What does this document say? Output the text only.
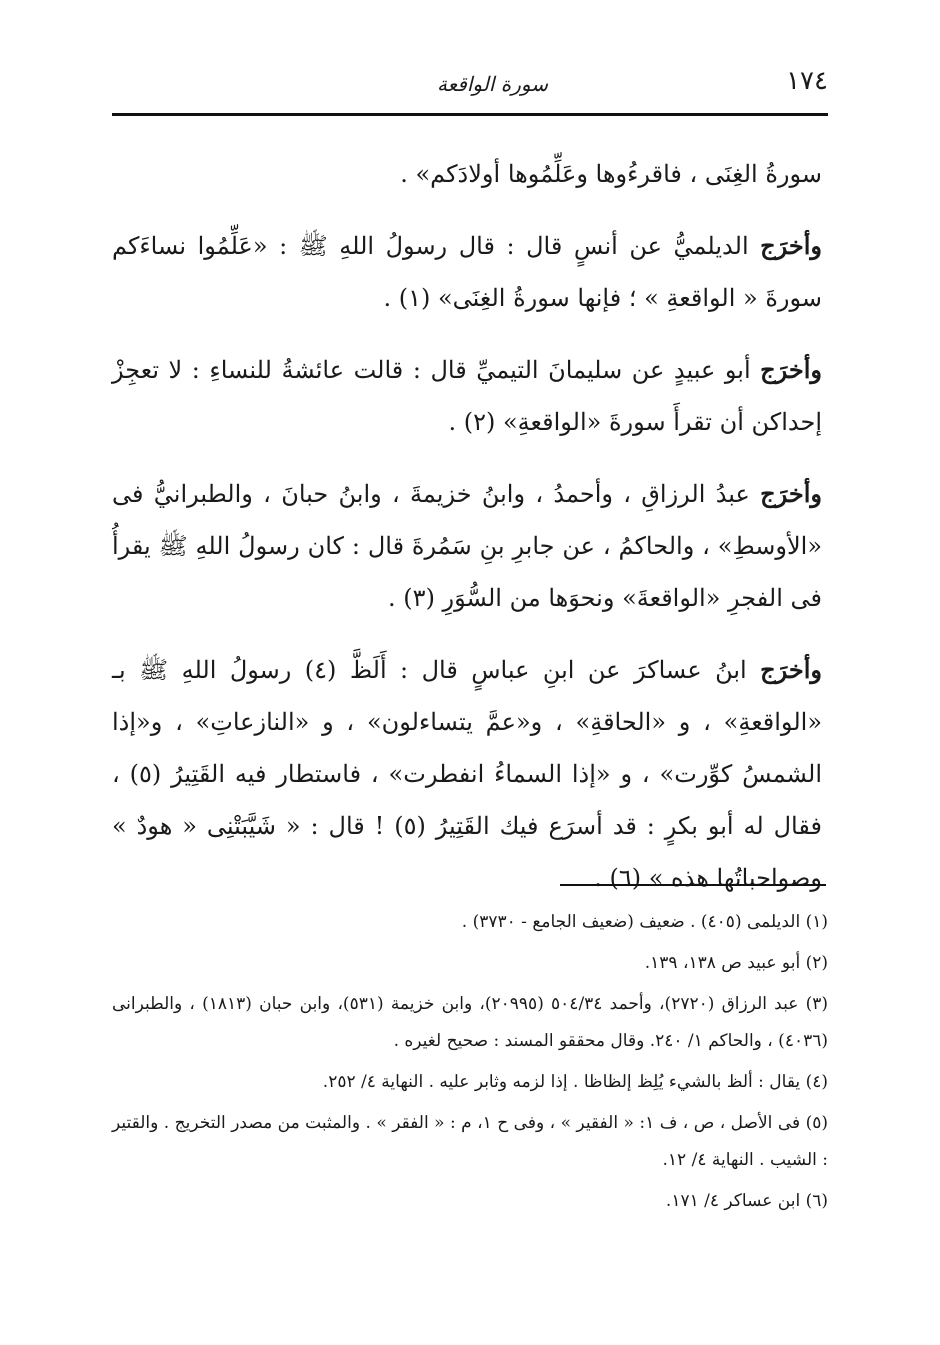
١٧٤
سورة الواقعة

سورةُ الغِنَى ، فاقرءُوها وعَلِّمُوها أولادَكم» .

وأخرَج الديلميُّ عن أنسٍ قال : قال رسولُ اللهِ ﷺ : «عَلِّمُوا نساءَكم سورةَ « الواقعةِ » ؛ فإنها سورةُ الغِنَى» (١) .

وأخرَج أبو عبيدٍ عن سليمانَ التيميِّ قال : قالت عائشةُ للنساءِ : لا تعجِزْ إحداكن أن تقرأَ سورةَ «الواقعةِ» (٢) .

وأخرَج عبدُ الرزاقِ ، وأحمدُ ، وابنُ خزيمةَ ، وابنُ حبانَ ، والطبرانيُّ فى «الأوسطِ» ، والحاكمُ ، عن جابرِ بنِ سَمُرةَ قال : كان رسولُ اللهِ ﷺ يقرأُ فى الفجرِ «الواقعةَ» ونحوَها من السُّوَرِ (٣) .

وأخرَج ابنُ عساكرَ عن ابنِ عباسٍ قال : أَلَظَّ (٤) رسولُ اللهِ ﷺ بـ «الواقعةِ» ، و «الحاقةِ» ، و«عمَّ يتساءلون» ، و «النازعاتِ» ، و«إذا الشمسُ كوِّرت» ، و «إذا السماءُ انفطرت» ، فاستطار فيه القَتِيرُ (٥) ، فقال له أبو بكرٍ : قد أسرَع فيك القَتِيرُ (٥) ! قال : « شَيَّبَتْنِى « هودٌ » وصواحباتُها هذه » (٦) .

(١) الديلمى (٤٠٥) . ضعيف (ضعيف الجامع - ٣٧٣٠) .

(٢) أبو عبيد ص ١٣٨، ١٣٩.

(٣) عبد الرزاق (٢٧٢٠)، وأحمد ٥٠٤/٣٤ (٢٠٩٩٥)، وابن خزيمة (٥٣١)، وابن حبان (١٨١٣) ، والطبرانى (٤٠٣٦) ، والحاكم ١/ ٢٤٠. وقال محققو المسند : صحيح لغيره .

(٤) يقال : ألظ بالشيء يُلِظ إلظاظا . إذا لزمه وثابر عليه . النهاية ٤/ ٢٥٢.

(٥) فى الأصل ، ص ، ف ١: « الفقير » ، وفى ح ١، م : « الفقر » . والمثبت من مصدر التخريج . والقتير : الشيب . النهاية ٤/ ١٢.

(٦) ابن عساكر ٤/ ١٧١.
